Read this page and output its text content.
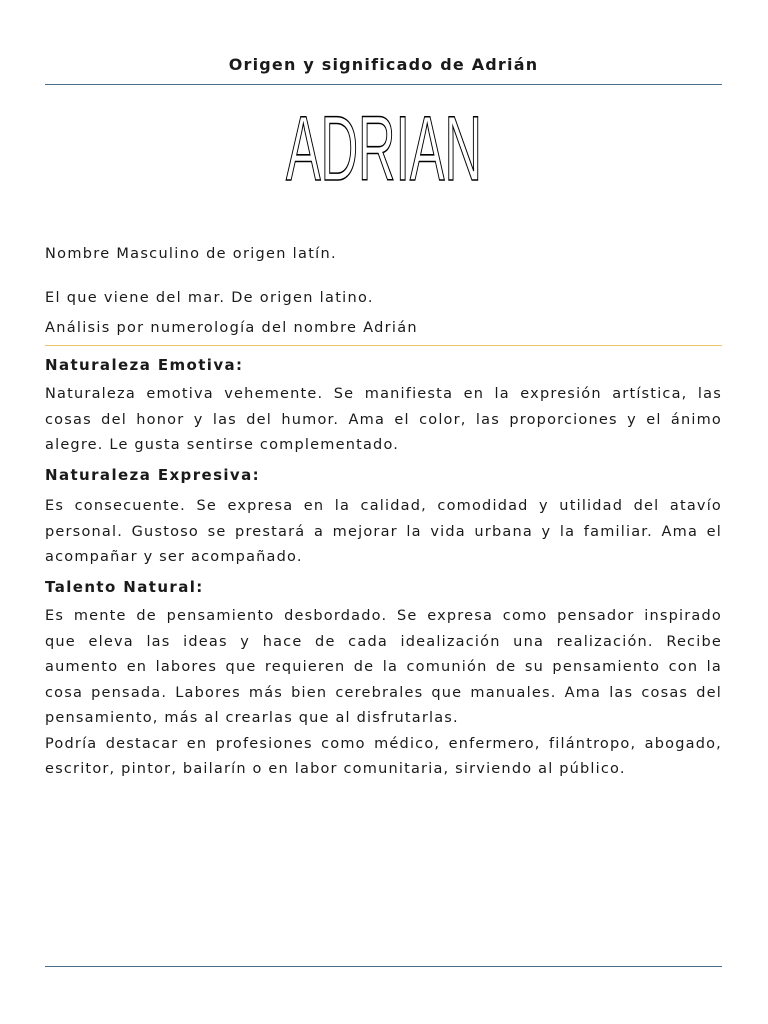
Origen y significado de Adrián
ADRIAN
Nombre Masculino de origen latín.
El que viene del mar. De origen latino.
Análisis por numerología del nombre Adrián
Naturaleza Emotiva:

Naturaleza emotiva vehemente. Se manifiesta en la expresión artística, las cosas del honor y las del humor. Ama el color, las proporciones y el ánimo alegre. Le gusta sentirse complementado.

Naturaleza Expresiva:

Es consecuente. Se expresa en la calidad, comodidad y utilidad del atavío personal. Gustoso se prestará a mejorar la vida urbana y la familiar. Ama el acompañar y ser acompañado.

Talento Natural:

Es mente de pensamiento desbordado. Se expresa como pensador inspirado que eleva las ideas y hace de cada idealización una realización. Recibe aumento en labores que requieren de la comunión de su pensamiento con la cosa pensada. Labores más bien cerebrales que manuales. Ama las cosas del pensamiento, más al crearlas que al disfrutarlas.

Podría destacar en profesiones como médico, enfermero, filántropo, abogado, escritor, pintor, bailarín o en labor comunitaria, sirviendo al público.
